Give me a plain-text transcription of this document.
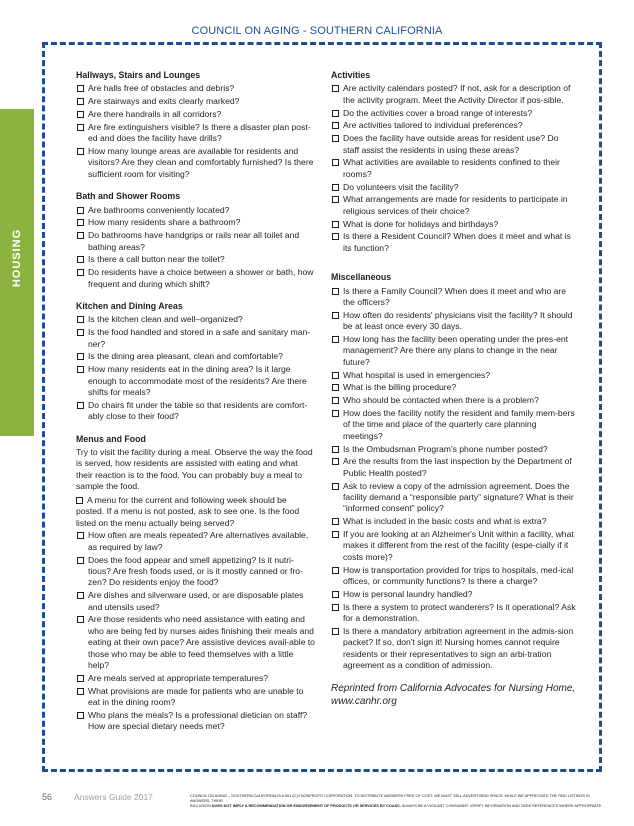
COUNCIL ON AGING - SOUTHERN CALIFORNIA
HOUSING
Hallways, Stairs and Lounges
Are halls free of obstacles and debris?
Are stairways and exits clearly marked?
Are there handrails in all corridors?
Are fire extinguishers visible? Is there a disaster plan post-ed and does the facility have drills?
How many lounge areas are available for residents and visitors? Are they clean and comfortably furnished? Is there sufficient room for visiting?
Bath and Shower Rooms
Are bathrooms conveniently located?
How many residents share a bathroom?
Do bathrooms have handgrips or rails near all toilet and bathing areas?
Is there a call button near the toilet?
Do residents have a choice between a shower or bath, how frequent and during which shift?
Kitchen and Dining Areas
Is the kitchen clean and well–organized?
Is the food handled and stored in a safe and sanitary man-ner?
Is the dining area pleasant, clean and comfortable?
How many residents eat in the dining area? Is it large enough to accommodate most of the residents? Are there shifts for meals?
Do chairs fit under the table so that residents are comfort-ably close to their food?
Menus and Food
Try to visit the facility during a meal. Observe the way the food is served, how residents are assisted with eating and what their reaction is to the food. You can probably buy a meal to sample the food.
A menu for the current and following week should be posted. If a menu is not posted, ask to see one. Is the food listed on the menu actually being served?
How often are meals repeated? Are alternatives available, as required by law?
Does the food appear and smell appetizing? Is it nutri-tious? Are fresh foods used, or is it mostly canned or fro-zen? Do residents enjoy the food?
Are dishes and silverware used, or are disposable plates and utensils used?
Are those residents who need assistance with eating and who are being fed by nurses aides finishing their meals and eating at their own pace? Are assistive devices avail-able to those who may be able to feed themselves with a little help?
Are meals served at appropriate temperatures?
What provisions are made for patients who are unable to eat in the dining room?
Who plans the meals? Is a professional dietician on staff? How are special dietary needs met?
Activities
Are activity calendars posted? If not, ask for a description of the activity program. Meet the Activity Director if pos-sible.
Do the activities cover a broad range of interests?
Are activities tailored to individual preferences?
Does the facility have outside areas for resident use? Do staff assist the residents in using these areas?
What activities are available to residents confined to their rooms?
Do volunteers visit the facility?
What arrangements are made for residents to participate in religious services of their choice?
What is done for holidays and birthdays?
Is there a Resident Council? When does it meet and what is its function?
Miscellaneous
Is there a Family Council? When does it meet and who are the officers?
How often do residents' physicians visit the facility? It should be at least once every 30 days.
How long has the facility been operating under the pres-ent management? Are there any plans to change in the near future?
What hospital is used in emergencies?
What is the billing procedure?
Who should be contacted when there is a problem?
How does the facility notify the resident and family mem-bers of the time and place of the quarterly care planning meetings?
Is the Ombudsman Program's phone number posted?
Are the results from the last inspection by the Department of Public Health posted?
Ask to review a copy of the admission agreement. Does the facility demand a “responsible party” signature? What is their “informed consent” policy?
What is included in the basic costs and what is extra?
If you are looking at an Alzheimer's Unit within a facility, what makes it different from the rest of the facility (espe-cially if it costs more)?
How is transportation provided for trips to hospitals, med-ical offices, or community functions? Is there a charge?
How is personal laundry handled?
Is there a system to protect wanderers? Is it operational? Ask for a demonstration.
Is there a mandatory arbitration agreement in the admis-sion packet? If so, don't sign it! Nursing homes cannot require residents or their representatives to sign an arbi-tration agreement as a condition of admission.
Reprinted from California Advocates for Nursing Home, www.canhr.org
56	Answers Guide 2017	COUNCIL ON AGING – SOUTHERN CALIFORNIA IS A 501 (C)3 NONPROFIT CORPORATION. TO DISTRIBUTE ANSWERS FREE OF COST, WE MUST SELL ADVERTISING SPACE. WHILE WE APPRECIATE THE PAID LISTINGS IN ANSWERS, THEIR
INCLUSION DOES NOT IMPLY A RECOMMENDATION OR ENDORSEMENT OF PRODUCTS OR SERVICES BY COASC. ALWAYS BE A VIGILANT CONSUMER. VERIFY INFORMATION AND SEEK REFERENCES WHERE APPROPRIATE.
